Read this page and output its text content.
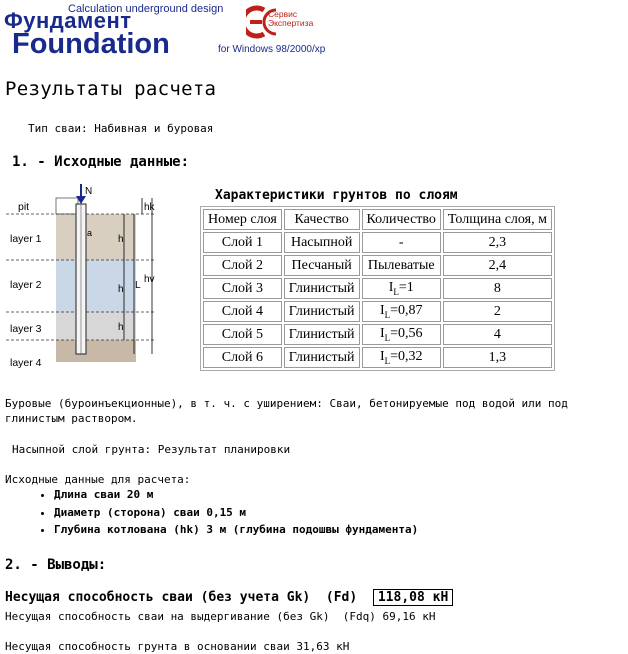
Calculation underground design
Фундамент
Foundation	for Windows 98/2000/xp
Сервис
Экспертиза
Результаты расчета
Тип сваи: Набивная и буровая
1. - Исходные данные:
N
hk
h
h
h
L
hv
a
pit
layer 1
layer 2
layer 3
layer 4
Характеристики грунтов по слоям
Номер слоя	Качество	Количество	Толщина слоя, м
Слой 1	Насыпной	-	2,3
Слой 2	Песчаный	Пылеватые	2,4
Слой 3	Глинистый	$I_L=1$	8
Слой 4	Глинистый	$I_L=0,87$	2
Слой 5	Глинистый	$I_L=0,56$	4
Слой 6	Глинистый	$I_L=0,32$	1,3
Буровые (буроинъекционные), в т. ч. с уширением: Сваи, бетонируемые под водой или под глинистым раствором.
Насыпной слой грунта: Результат планировки
Исходные данные для расчета:
• Длина сваи 20 м
• Диаметр (сторона) сваи 0,15 м
• Глубина котлована (hk) 3 м (глубина подошвы фундамента)
2. - Выводы:
Несущая способность сваи (без учета Gk)  (Fd) 118,08 кН
Несущая способность сваи на выдергивание (без Gk)  (Fdq) 69,16 кН
Несущая способность грунта в основании сваи 31,63 кН
